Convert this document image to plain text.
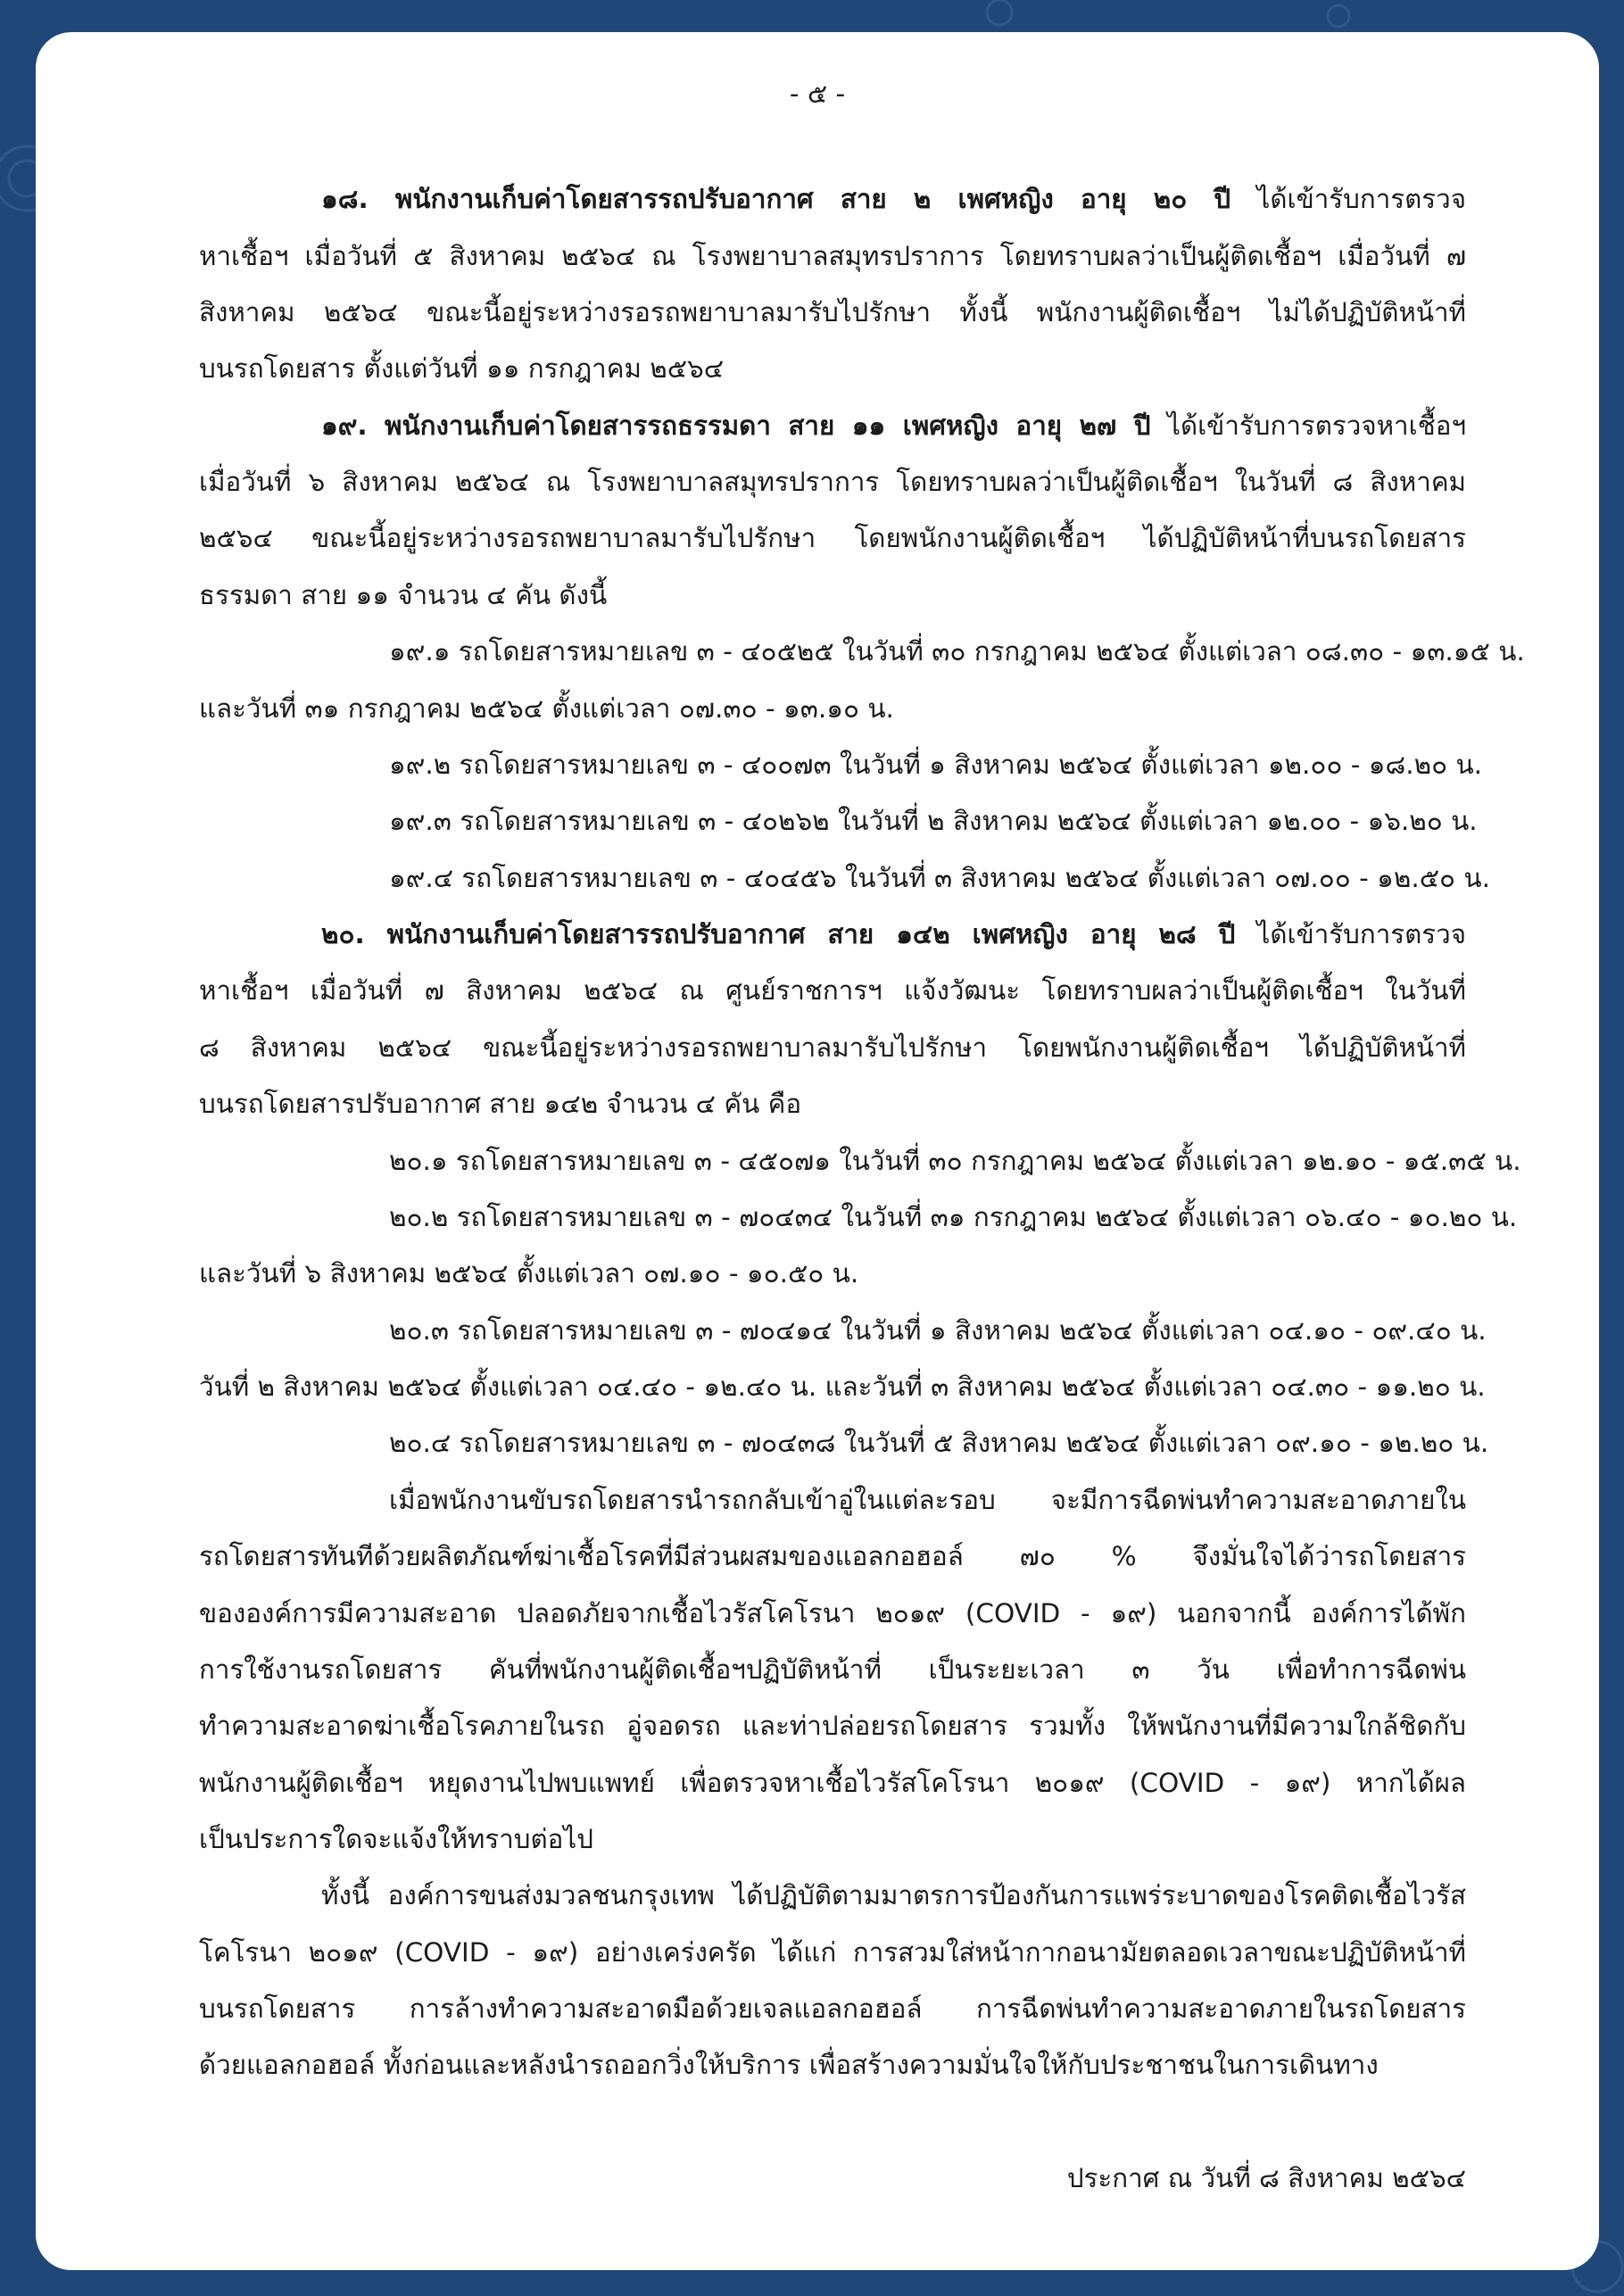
- ๕ -
๑๘. พนักงานเก็บค่าโดยสารรถปรับอากาศ สาย ๒ เพศหญิง อายุ ๒๐ ปี ได้เข้ารับการตรวจ
หาเชื้อฯ เมื่อวันที่ ๕ สิงหาคม ๒๕๖๔ ณ โรงพยาบาลสมุทรปราการ โดยทราบผลว่าเป็นผู้ติดเชื้อฯ เมื่อวันที่ ๗
สิงหาคม ๒๕๖๔ ขณะนี้อยู่ระหว่างรอรถพยาบาลมารับไปรักษา ทั้งนี้ พนักงานผู้ติดเชื้อฯ ไม่ได้ปฏิบัติหน้าที่
บนรถโดยสาร ตั้งแต่วันที่ ๑๑ กรกฎาคม ๒๕๖๔
๑๙. พนักงานเก็บค่าโดยสารรถธรรมดา สาย ๑๑ เพศหญิง อายุ ๒๗ ปี ได้เข้ารับการตรวจหาเชื้อฯ
เมื่อวันที่ ๖ สิงหาคม ๒๕๖๔ ณ โรงพยาบาลสมุทรปราการ โดยทราบผลว่าเป็นผู้ติดเชื้อฯ ในวันที่ ๘ สิงหาคม
๒๕๖๔ ขณะนี้อยู่ระหว่างรอรถพยาบาลมารับไปรักษา โดยพนักงานผู้ติดเชื้อฯ ได้ปฏิบัติหน้าที่บนรถโดยสาร
ธรรมดา สาย ๑๑ จำนวน ๔ คัน ดังนี้
๑๙.๑ รถโดยสารหมายเลข ๓ - ๔๐๕๒๕ ในวันที่ ๓๐ กรกฎาคม ๒๕๖๔ ตั้งแต่เวลา ๐๘.๓๐ - ๑๓.๑๕ น.
และวันที่ ๓๑ กรกฎาคม ๒๕๖๔ ตั้งแต่เวลา ๐๗.๓๐ - ๑๓.๑๐ น.
๑๙.๒ รถโดยสารหมายเลข ๓ - ๔๐๐๗๓ ในวันที่ ๑ สิงหาคม ๒๕๖๔ ตั้งแต่เวลา ๑๒.๐๐ - ๑๘.๒๐ น.
๑๙.๓ รถโดยสารหมายเลข ๓ - ๔๐๒๖๒ ในวันที่ ๒ สิงหาคม ๒๕๖๔ ตั้งแต่เวลา ๑๒.๐๐ - ๑๖.๒๐ น.
๑๙.๔ รถโดยสารหมายเลข ๓ - ๔๐๔๕๖ ในวันที่ ๓ สิงหาคม ๒๕๖๔ ตั้งแต่เวลา ๐๗.๐๐ - ๑๒.๕๐ น.
๒๐. พนักงานเก็บค่าโดยสารรถปรับอากาศ สาย ๑๔๒ เพศหญิง อายุ ๒๘ ปี ได้เข้ารับการตรวจ
หาเชื้อฯ เมื่อวันที่ ๗ สิงหาคม ๒๕๖๔ ณ ศูนย์ราชการฯ แจ้งวัฒนะ โดยทราบผลว่าเป็นผู้ติดเชื้อฯ ในวันที่
๘ สิงหาคม ๒๕๖๔ ขณะนี้อยู่ระหว่างรอรถพยาบาลมารับไปรักษา โดยพนักงานผู้ติดเชื้อฯ ได้ปฏิบัติหน้าที่
บนรถโดยสารปรับอากาศ สาย ๑๔๒ จำนวน ๔ คัน คือ
๒๐.๑ รถโดยสารหมายเลข ๓ - ๔๕๐๗๑ ในวันที่ ๓๐ กรกฎาคม ๒๕๖๔ ตั้งแต่เวลา ๑๒.๑๐ - ๑๕.๓๕ น.
๒๐.๒ รถโดยสารหมายเลข ๓ - ๗๐๔๓๔ ในวันที่ ๓๑ กรกฎาคม ๒๕๖๔ ตั้งแต่เวลา ๐๖.๔๐ - ๑๐.๒๐ น.
และวันที่ ๖ สิงหาคม ๒๕๖๔ ตั้งแต่เวลา ๐๗.๑๐ - ๑๐.๕๐ น.
๒๐.๓ รถโดยสารหมายเลข ๓ - ๗๐๔๑๔ ในวันที่ ๑ สิงหาคม ๒๕๖๔ ตั้งแต่เวลา ๐๔.๑๐ - ๐๙.๔๐ น.
วันที่ ๒ สิงหาคม ๒๕๖๔ ตั้งแต่เวลา ๐๔.๔๐ - ๑๒.๔๐ น. และวันที่ ๓ สิงหาคม ๒๕๖๔ ตั้งแต่เวลา ๐๔.๓๐ - ๑๑.๒๐ น.
๒๐.๔ รถโดยสารหมายเลข ๓ - ๗๐๔๓๘ ในวันที่ ๕ สิงหาคม ๒๕๖๔ ตั้งแต่เวลา ๐๙.๑๐ - ๑๒.๒๐ น.
เมื่อพนักงานขับรถโดยสารนำรถกลับเข้าอู่ในแต่ละรอบ จะมีการฉีดพ่นทำความสะอาดภายใน
รถโดยสารทันทีด้วยผลิตภัณฑ์ฆ่าเชื้อโรคที่มีส่วนผสมของแอลกอฮอล์ ๗๐ % จึงมั่นใจได้ว่ารถโดยสาร
ขององค์การมีความสะอาด ปลอดภัยจากเชื้อไวรัสโคโรนา ๒๐๑๙ (COVID - ๑๙) นอกจากนี้ องค์การได้พัก
การใช้งานรถโดยสาร คันที่พนักงานผู้ติดเชื้อฯปฏิบัติหน้าที่ เป็นระยะเวลา ๓ วัน เพื่อทำการฉีดพ่น
ทำความสะอาดฆ่าเชื้อโรคภายในรถ อู่จอดรถ และท่าปล่อยรถโดยสาร รวมทั้ง ให้พนักงานที่มีความใกล้ชิดกับ
พนักงานผู้ติดเชื้อฯ หยุดงานไปพบแพทย์ เพื่อตรวจหาเชื้อไวรัสโคโรนา ๒๐๑๙ (COVID - ๑๙) หากได้ผล
เป็นประการใดจะแจ้งให้ทราบต่อไป
ทั้งนี้ องค์การขนส่งมวลชนกรุงเทพ ได้ปฏิบัติตามมาตรการป้องกันการแพร่ระบาดของโรคติดเชื้อไวรัส
โคโรนา ๒๐๑๙ (COVID - ๑๙) อย่างเคร่งครัด ได้แก่ การสวมใส่หน้ากากอนามัยตลอดเวลาขณะปฏิบัติหน้าที่
บนรถโดยสาร การล้างทำความสะอาดมือด้วยเจลแอลกอฮอล์ การฉีดพ่นทำความสะอาดภายในรถโดยสาร
ด้วยแอลกอฮอล์ ทั้งก่อนและหลังนำรถออกวิ่งให้บริการ เพื่อสร้างความมั่นใจให้กับประชาชนในการเดินทาง
ประกาศ ณ วันที่ ๘ สิงหาคม ๒๕๖๔
